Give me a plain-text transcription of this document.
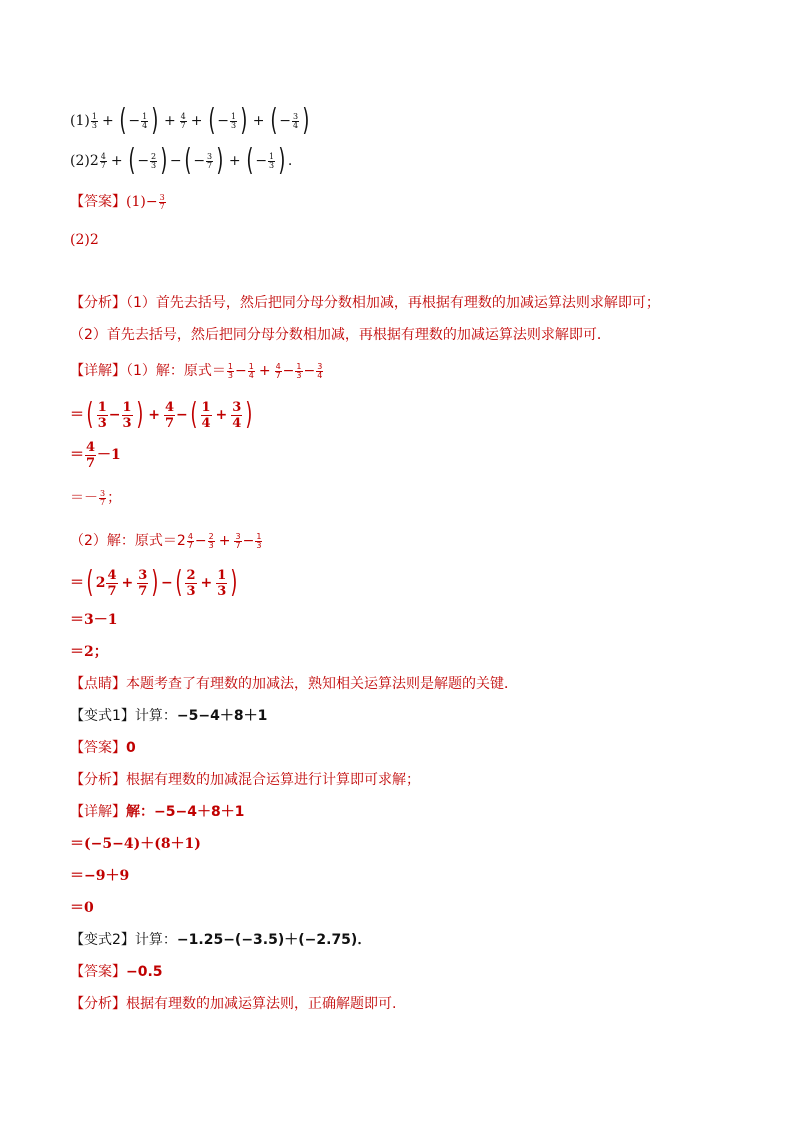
$(1) \frac{1}{3}$ + ( − $\frac{1}{4}$ ) + $\frac{4}{7}$ + ( − $\frac{1}{3}$ ) + ( − $\frac{3}{4}$ )
$(2)2 \frac{4}{7}$ + ( − $\frac{2}{3}$ ) −( − $\frac{3}{7}$ ) + ( − $\frac{1}{3}$ ) .
【答案】$(1)- \frac{3}{7}$
(2)2
【分析】（1）首先去括号，然后把同分母分数相加减，再根据有理数的加减运算法则求解即可；
（2）首先去括号，然后把同分母分数相加减，再根据有理数的加减运算法则求解即可．
【详解】（1）解：原式＝ $\frac{1}{3} - \frac{1}{4} + \frac{4}{7} - \frac{1}{3} - \frac{3}{4}$
＝( $\frac{1}{3} - \frac{1}{3}$ ) + $\frac{4}{7}$ −( $\frac{1}{4} + \frac{3}{4}$ )
＝ $\frac{4}{7} -1$
＝－ $\frac{3}{7}$ ；
（2）解：原式$=2 \frac{4}{7} - \frac{2}{3} + \frac{3}{7} - \frac{1}{3}$
＝( $2 \frac{4}{7} + \frac{3}{7}$ ) −( $\frac{2}{3} + \frac{1}{3}$ )
＝3－1
＝2；
【点睛】本题考查了有理数的加减法，熟知相关运算法则是解题的关键．
【变式1】计算：−5−4＋8＋1
【答案】0
【分析】根据有理数的加减混合运算进行计算即可求解；
【详解】解：−5−4＋8＋1
＝(−5−4)＋(8＋1)
＝−9＋9
＝0
【变式2】计算：−1.25−(−3.5)＋(−2.75)．
【答案】−0.5
【分析】根据有理数的加减运算法则，正确解题即可.
